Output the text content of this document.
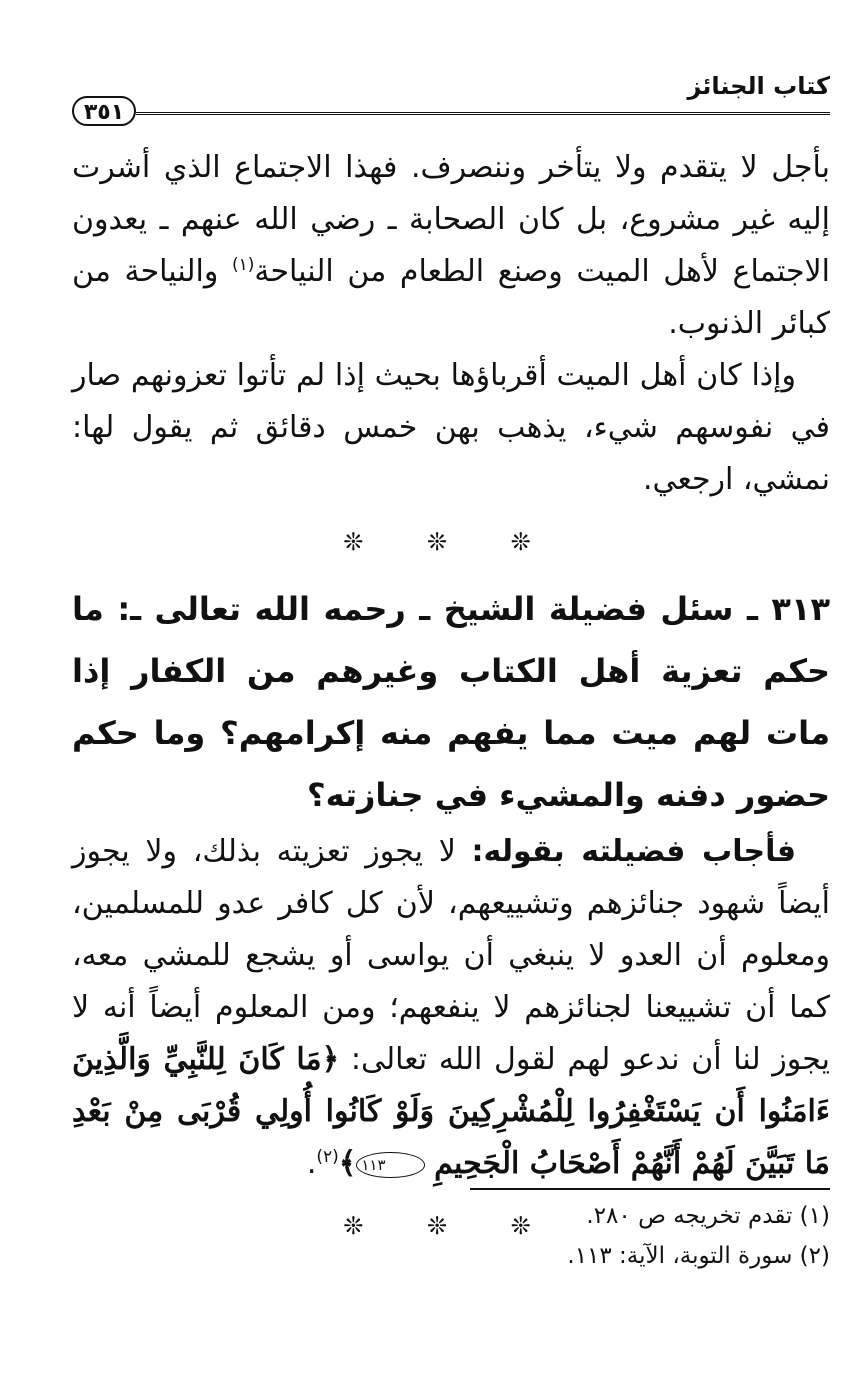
كتاب الجنائز
٣٥١

بأجل لا يتقدم ولا يتأخر وننصرف. فهذا الاجتماع الذي أشرت إليه غير مشروع، بل كان الصحابة ـ رضي الله عنهم ـ يعدون الاجتماع لأهل الميت وصنع الطعام من النياحة$^{(١)}$ والنياحة من كبائر الذنوب.

وإذا كان أهل الميت أقرباؤها بحيث إذا لم تأتوا تعزونهم صار في نفوسهم شيء، يذهب بهن خمس دقائق ثم يقول لها: نمشي، ارجعي.

❊ ❊ ❊

٣١٣ ـ سئل فضيلة الشيخ ـ رحمه الله تعالى ـ: ما حكم تعزية أهل الكتاب وغيرهم من الكفار إذا مات لهم ميت مما يفهم منه إكرامهم؟ وما حكم حضور دفنه والمشيء في جنازته؟

فأجاب فضيلته بقوله: لا يجوز تعزيته بذلك، ولا يجوز أيضاً شهود جنائزهم وتشييعهم، لأن كل كافر عدو للمسلمين، ومعلوم أن العدو لا ينبغي أن يواسى أو يشجع للمشي معه، كما أن تشييعنا لجنائزهم لا ينفعهم؛ ومن المعلوم أيضاً أنه لا يجوز لنا أن ندعو لهم لقول الله تعالى: ﴿مَا كَانَ لِلنَّبِيِّ وَالَّذِينَ ءَامَنُوا أَن يَسْتَغْفِرُوا لِلْمُشْرِكِينَ وَلَوْ كَانُوا أُولِي قُرْبَى مِنْ بَعْدِ مَا تَبَيَّنَ لَهُمْ أَنَّهُمْ أَصْحَابُ الْجَحِيمِ ١١٣﴾$^{(٢)}$.

❊ ❊ ❊	(١) تقدم تخريجه ص ٢٨٠.

(٢) سورة التوبة، الآية: ١١٣.
